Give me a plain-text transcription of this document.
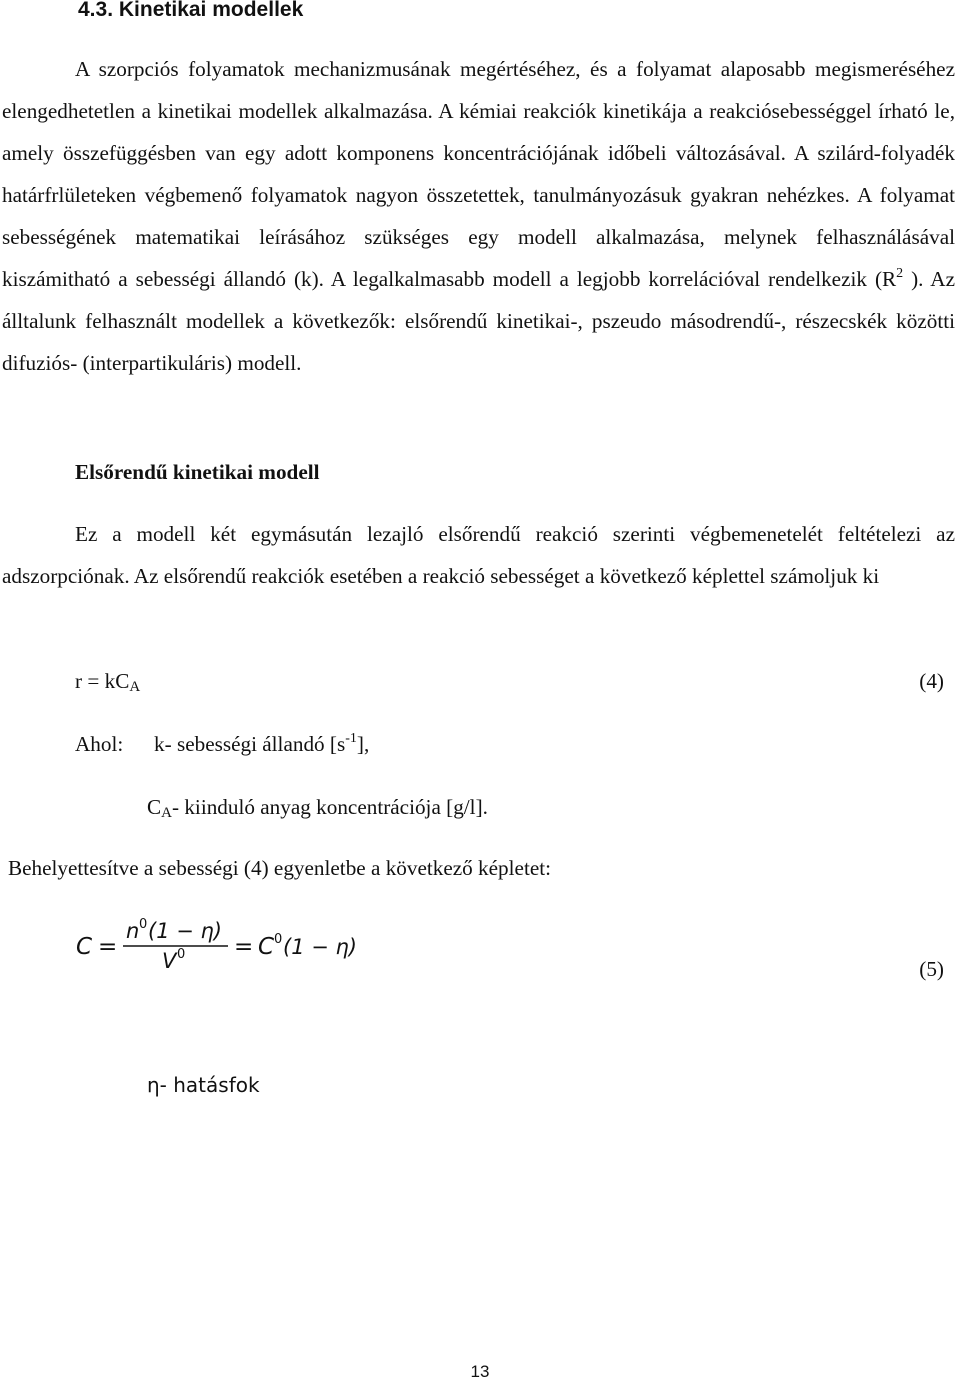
4.3. Kinetikai modellek
A szorpciós folyamatok mechanizmusának megértéséhez, és a folyamat alaposabb megismeréséhez elengedhetetlen a kinetikai modellek alkalmazása. A kémiai reakciók kinetikája a reakciósebességgel írható le, amely összefüggésben van egy adott komponens koncentrációjának időbeli változásával. A szilárd-folyadék határfrlületeken végbemenő folyamatok nagyon összetettek, tanulmányozásuk gyakran nehézkes. A folyamat sebességének matematikai leírásához szükséges egy modell alkalmazása, melynek felhasználásával kiszámitható a sebességi állandó (k). A legalkalmasabb modell a legjobb korrelációval rendelkezik ($R^2$ ). Az álltalunk felhasznált modellek a következők: elsőrendű kinetikai-, pszeudo másodrendű-, részecskék közötti difuziós- (interpartikuláris) modell.
Elsőrendű kinetikai modell
Ez a modell két egymásután lezajló elsőrendű reakció szerinti végbemenetelét feltételezi az adszorpciónak. Az elsőrendű reakciók esetében a reakció sebességet a következő képlettel számoljuk ki
$r = kC_A$	(4)
Ahol: k- sebességi állandó $[s^{-1}]$,
$C_A-$ kiinduló anyag koncentrációja [g/l].
Behelyettesítve a sebességi (4) egyenletbe a következő képletet:
C =
n 0 (1 − η)
V 0 = C 0 (1 − η)
(5)
η- hatásfok
13
